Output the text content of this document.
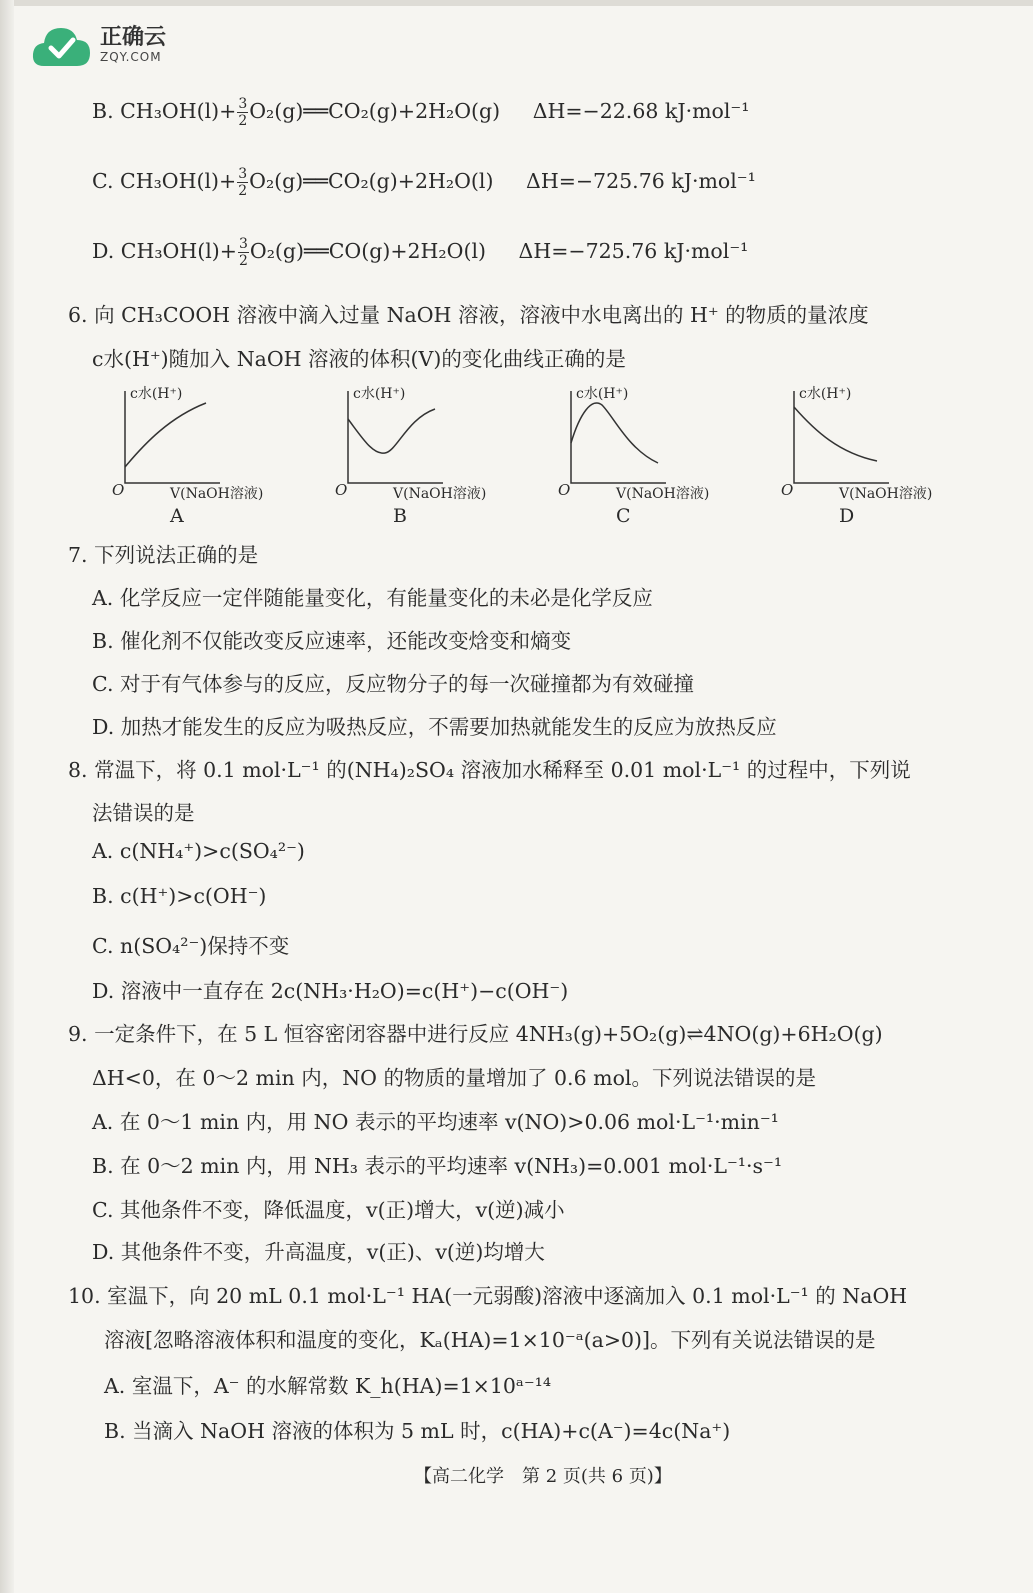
正确云
ZQY.COM
B. $CH_3OH(l)+ \frac{3}{2}$ O₂(g)══CO₂(g)+2H₂O(g) ΔH=−22.68 kJ·mol⁻¹
C. $CH_3OH(l)+ \frac{3}{2}$ O₂(g)══CO₂(g)+2H₂O(l) ΔH=−725.76 kJ·mol⁻¹
D. $CH_3OH(l)+ \frac{3}{2}$ O₂(g)══CO(g)+2H₂O(l) ΔH=−725.76 kJ·mol⁻¹
6. 向 CH₃COOH 溶液中滴入过量 NaOH 溶液，溶液中水电离出的 H⁺ 的物质的量浓度
c水(H⁺)随加入 NaOH 溶液的体积(V)的变化曲线正确的是
c水(H⁺)
O	V(NaOH溶液)
A
c水(H⁺)
O	V(NaOH溶液)
B
c水(H⁺)
O	V(NaOH溶液)
C
c水(H⁺)
O	V(NaOH溶液)
D
7. 下列说法正确的是
A. 化学反应一定伴随能量变化，有能量变化的未必是化学反应
B. 催化剂不仅能改变反应速率，还能改变焓变和熵变
C. 对于有气体参与的反应，反应物分子的每一次碰撞都为有效碰撞
D. 加热才能发生的反应为吸热反应，不需要加热就能发生的反应为放热反应
8. 常温下，将 0.1 mol·L⁻¹ 的(NH₄)₂SO₄ 溶液加水稀释至 0.01 mol·L⁻¹ 的过程中，下列说
法错误的是
A. c(NH₄⁺)>c(SO₄²⁻)
B. c(H⁺)>c(OH⁻)
C. n(SO₄²⁻)保持不变
D. 溶液中一直存在 2c(NH₃·H₂O)=c(H⁺)−c(OH⁻)
9. 一定条件下，在 5 L 恒容密闭容器中进行反应 4NH₃(g)+5O₂(g)⇌4NO(g)+6H₂O(g)
ΔH<0，在 0～2 min 内，NO 的物质的量增加了 0.6 mol。下列说法错误的是
A. 在 0～1 min 内，用 NO 表示的平均速率 v(NO)>0.06 mol·L⁻¹·min⁻¹
B. 在 0～2 min 内，用 NH₃ 表示的平均速率 v(NH₃)=0.001 mol·L⁻¹·s⁻¹
C. 其他条件不变，降低温度，v(正)增大，v(逆)减小
D. 其他条件不变，升高温度，v(正)、v(逆)均增大
10. 室温下，向 20 mL 0.1 mol·L⁻¹ HA(一元弱酸)溶液中逐滴加入 0.1 mol·L⁻¹ 的 NaOH
溶液[忽略溶液体积和温度的变化，Kₐ(HA)=1×10⁻ᵃ(a>0)]。下列有关说法错误的是
A. 室温下，A⁻ 的水解常数 K_h(HA)=1×10ᵃ⁻¹⁴
B. 当滴入 NaOH 溶液的体积为 5 mL 时，c(HA)+c(A⁻)=4c(Na⁺)
【高二化学　第 2 页(共 6 页)】
